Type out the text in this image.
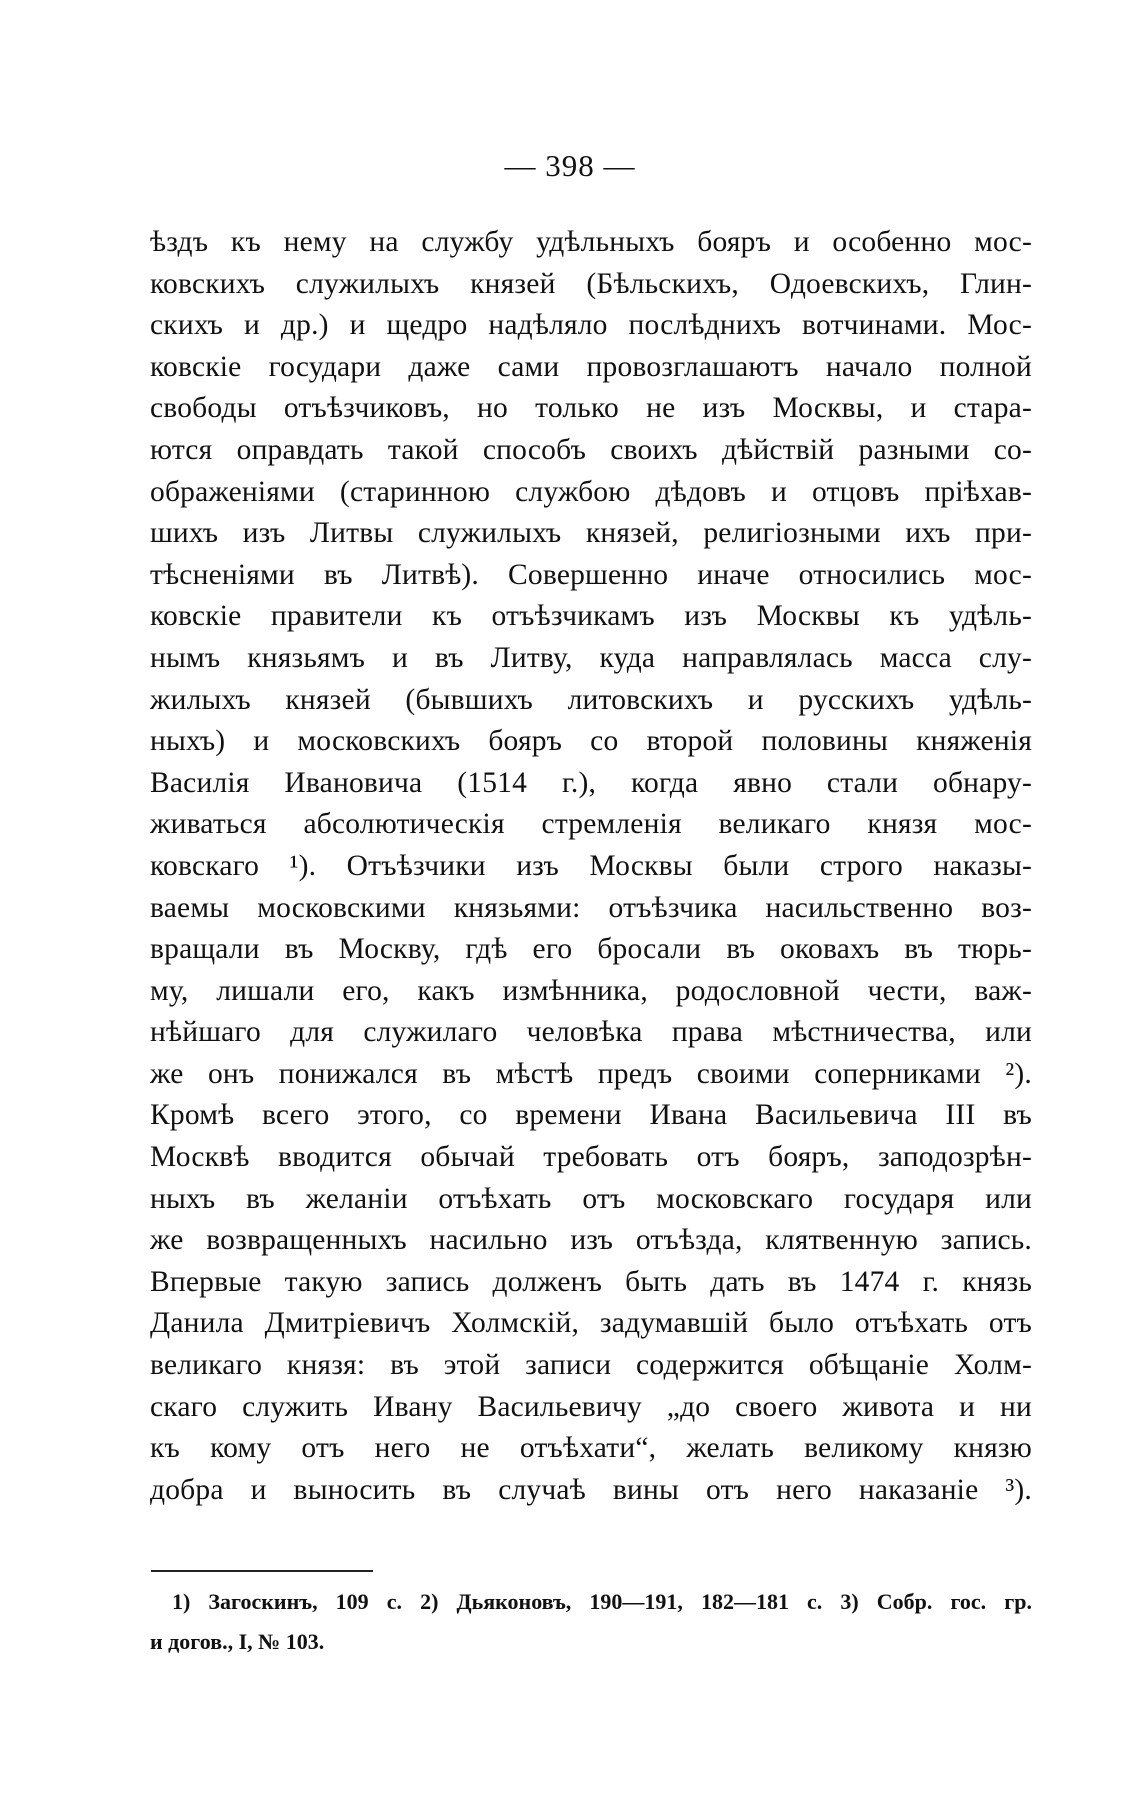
— 398 —
ѣздъ къ нему на службу удѣльныхъ бояръ и особенно мос-
ковскихъ служилыхъ князей (Бѣльскихъ, Одоевскихъ, Глин-
скихъ и др.) и щедро надѣляло послѣднихъ вотчинами. Мос-
ковскіе государи даже сами провозглашаютъ начало полной
свободы отъѣзчиковъ, но только не изъ Москвы, и стара-
ются оправдать такой способъ своихъ дѣйствій разными со-
ображеніями (старинною службою дѣдовъ и отцовъ пріѣхав-
шихъ изъ Литвы служилыхъ князей, религіозными ихъ при-
тѣсненіями въ Литвѣ). Совершенно иначе относились мос-
ковскіе правители къ отъѣзчикамъ изъ Москвы къ удѣль-
нымъ князьямъ и въ Литву, куда направлялась масса слу-
жилыхъ князей (бывшихъ литовскихъ и русскихъ удѣль-
ныхъ) и московскихъ бояръ со второй половины княженія
Василія Ивановича (1514 г.), когда явно стали обнару-
живаться абсолютическія стремленія великаго князя мос-
ковскаго ¹). Отъѣзчики изъ Москвы были строго наказы-
ваемы московскими князьями: отъѣзчика насильственно воз-
вращали въ Москву, гдѣ его бросали въ оковахъ въ тюрь-
му, лишали его, какъ измѣнника, родословной чести, важ-
нѣйшаго для служилаго человѣка права мѣстничества, или
же онъ понижался въ мѣстѣ предъ своими соперниками ²).
Кромѣ всего этого, со времени Ивана Васильевича III въ
Москвѣ вводится обычай требовать отъ бояръ, заподозрѣн-
ныхъ въ желаніи отъѣхать отъ московскаго государя или
же возвращенныхъ насильно изъ отъѣзда, клятвенную запись.
Впервые такую запись долженъ быть дать въ 1474 г. князь
Данила Дмитріевичъ Холмскій, задумавшій было отъѣхать отъ
великаго князя: въ этой записи содержится обѣщаніе Холм-
скаго служить Ивану Васильевичу „до своего живота и ни
къ кому отъ него не отъѣхати“, желать великому князю
добра и выносить въ случаѣ вины отъ него наказаніе ³).
1) Загоскинъ, 109 с. 2) Дьяконовъ, 190—191, 182—181 с. 3) Собр. гос. гр.
и догов., I, № 103.
